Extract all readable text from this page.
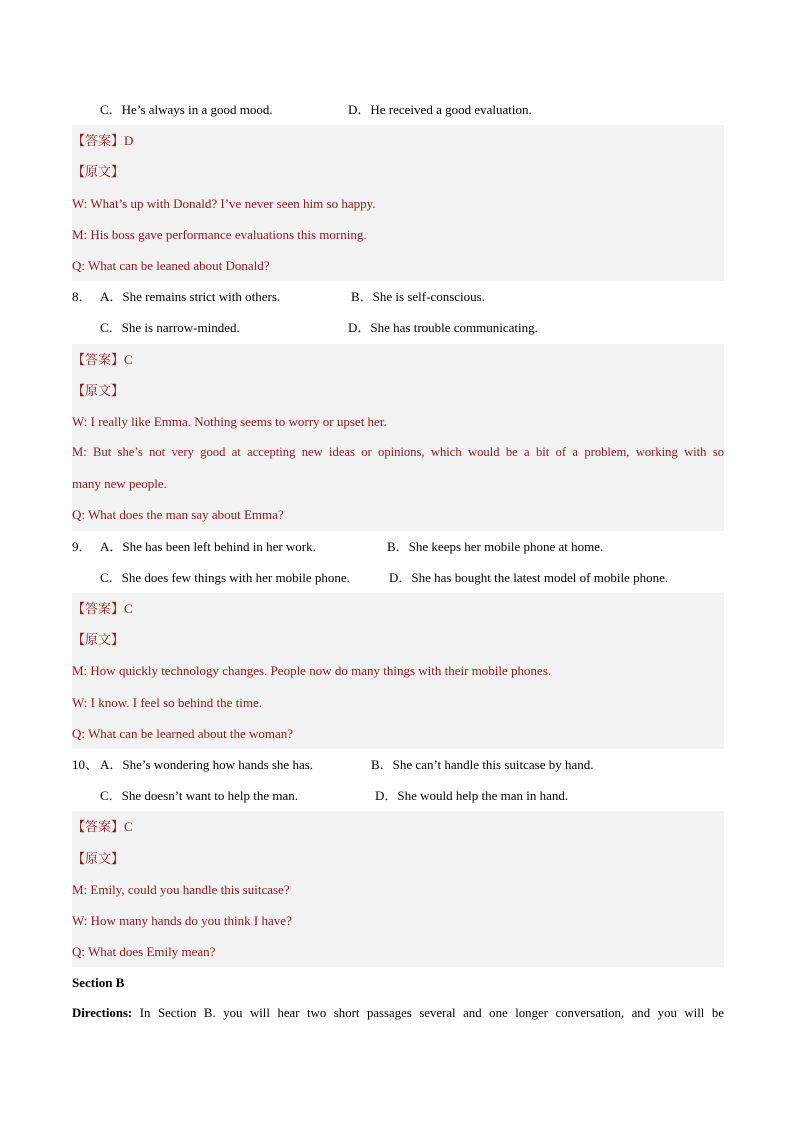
C．He’s always in a good mood.	D．He received a good evaluation.
【答案】D
【原文】
W: What’s up with Donald? I’ve never seen him so happy.
M: His boss gave performance evaluations this morning.
Q: What can be leaned about Donald?
8． A．She remains strict with others.	B．She is self-conscious.
C．She is narrow-minded.	D．She has trouble communicating.
【答案】C
【原文】
W: I really like Emma. Nothing seems to worry or upset her.
M: But she’s not very good at accepting new ideas or opinions, which would be a bit of a problem, working with so
many new people.
Q: What does the man say about Emma?
9． A．She has been left behind in her work.	B．She keeps her mobile phone at home.
C．She does few things with her mobile phone.	D．She has bought the latest model of mobile phone.
【答案】C
【原文】
M: How quickly technology changes. People now do many things with their mobile phones.
W: I know. I feel so behind the time.
Q: What can be learned about the woman?
10、 A．She’s wondering how hands she has.	B．She can’t handle this suitcase by hand.
C．She doesn’t want to help the man.	D．She would help the man in hand.
【答案】C
【原文】
M: Emily, could you handle this suitcase?
W: How many hands do you think I have?
Q: What does Emily mean?
Section B
Directions: In Section B. you will hear two short passages several and one longer conversation, and you will be
